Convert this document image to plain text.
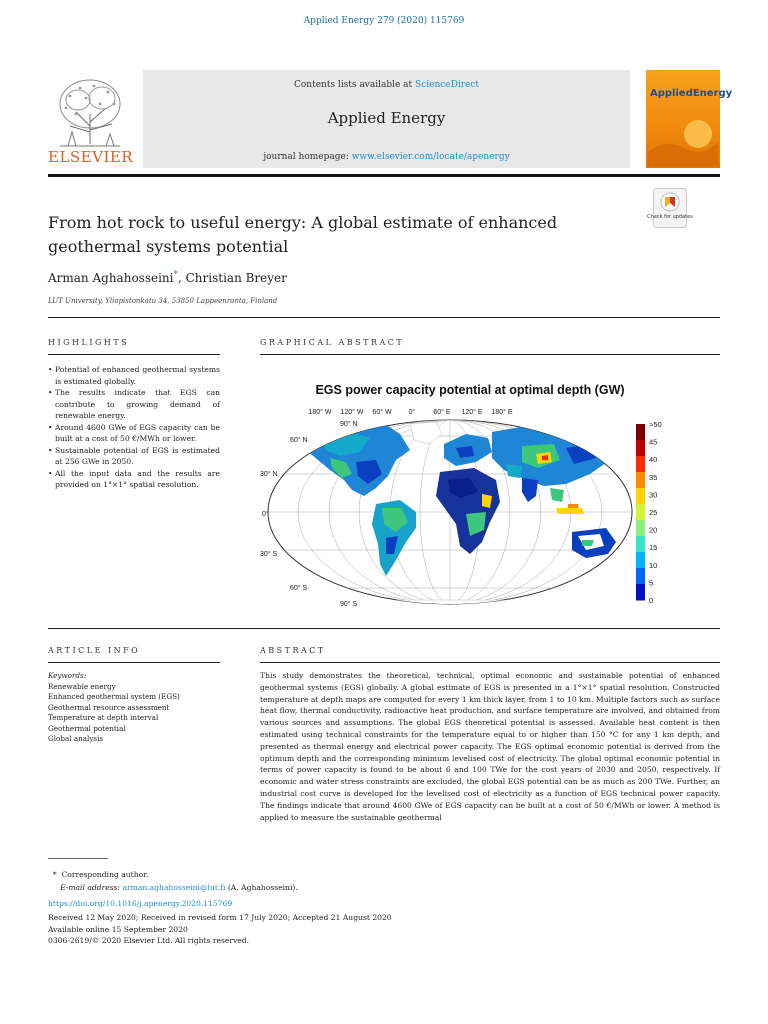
Applied Energy 279 (2020) 115769
ELSEVIER
Contents lists available at ScienceDirect
Applied Energy
journal homepage: www.elsevier.com/locate/apenergy
AppliedEnergy
From hot rock to useful energy: A global estimate of enhanced geothermal systems potential
Check for updates
Arman Aghahosseini*, Christian Breyer
LUT University, Yliopistonkatu 34, 53850 Lappeenranta, Finland
HIGHLIGHTS
• Potential of enhanced geothermal systems is estimated globally.
• The results indicate that EGS can contribute to growing demand of renewable energy.
• Around 4600 GWe of EGS capacity can be built at a cost of 50 €/MWh or lower.
• Sustainable potential of EGS is estimated at 256 GWe in 2050.
• All the input data and the results are provided on 1°×1° spatial resolution.
GRAPHICAL ABSTRACT
EGS power capacity potential at optimal depth (GW)
180° W 120° W 60° W 0°	60° E 120° E 180° E
90° N
60° N
30° N
0°
30° S
60° S
90° S
>50
45
40
35
30
25
20
15
10
5
0
ARTICLE INFO
Keywords:
Renewable energy
Enhanced geothermal system (EGS)
Geothermal resource assessment
Temperature at depth interval
Geothermal potential
Global analysis
ABSTRACT
This study demonstrates the theoretical, technical, optimal economic and sustainable potential of enhanced geothermal systems (EGS) globally. A global estimate of EGS is presented in a 1°×1° spatial resolution. Constructed temperature at depth maps are computed for every 1 km thick layer, from 1 to 10 km. Multiple factors such as surface heat flow, thermal conductivity, radioactive heat production, and surface temperature are involved, and obtained from various sources and assumptions. The global EGS theoretical potential is assessed. Available heat content is then estimated using technical constraints for the temperature equal to or higher than 150 °C for any 1 km depth, and presented as thermal energy and electrical power capacity. The EGS optimal economic potential is derived from the optimum depth and the corresponding minimum levelised cost of electricity. The global optimal economic potential in terms of power capacity is found to be about 6 and 100 TWe for the cost years of 2030 and 2050, respectively. If economic and water stress constraints are excluded, the global EGS potential can be as much as 200 TWe. Further, an industrial cost curve is developed for the levelised cost of electricity as a function of EGS technical power capacity. The findings indicate that around 4600 GWe of EGS capacity can be built at a cost of 50 €/MWh or lower. A method is applied to measure the sustainable geothermal
* Corresponding author.
E-mail address: arman.aghahosseini@lut.fi (A. Aghahosseini).
https://doi.org/10.1016/j.apenergy.2020.115769
Received 12 May 2020; Received in revised form 17 July 2020; Accepted 21 August 2020
Available online 15 September 2020
0306-2619/© 2020 Elsevier Ltd. All rights reserved.
